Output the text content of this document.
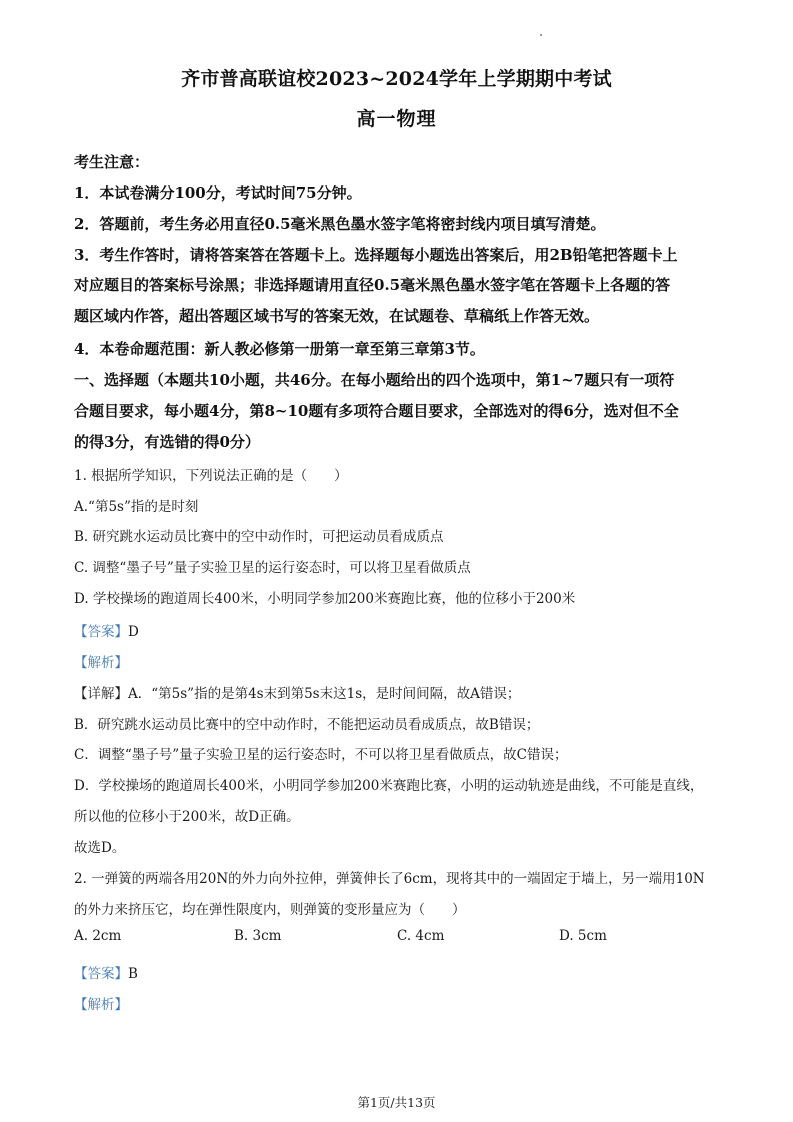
齐市普高联谊校2023~2024学年上学期期中考试
高一物理
考生注意：
1．本试卷满分100分，考试时间75分钟。
2．答题前，考生务必用直径0.5毫米黑色墨水签字笔将密封线内项目填写清楚。
3．考生作答时，请将答案答在答题卡上。选择题每小题选出答案后，用2B铅笔把答题卡上
对应题目的答案标号涂黑；非选择题请用直径0.5毫米黑色墨水签字笔在答题卡上各题的答
题区域内作答，超出答题区域书写的答案无效，在试题卷、草稿纸上作答无效。
4．本卷命题范围：新人教必修第一册第一章至第三章第3节。
一、选择题（本题共10小题，共46分。在每小题给出的四个选项中，第1~7题只有一项符
合题目要求，每小题4分，第8~10题有多项符合题目要求，全部选对的得6分，选对但不全
的得3分，有选错的得0分）
1. 根据所学知识，下列说法正确的是（　　）
A.“第5s”指的是时刻
B. 研究跳水运动员比赛中的空中动作时，可把运动员看成质点
C. 调整“墨子号”量子实验卫星的运行姿态时，可以将卫星看做质点
D. 学校操场的跑道周长400米，小明同学参加200米赛跑比赛，他的位移小于200米
【答案】D
【解析】
【详解】A．“第5s”指的是第4s末到第5s末这1s，是时间间隔，故A错误；
B．研究跳水运动员比赛中的空中动作时，不能把运动员看成质点，故B错误；
C．调整“墨子号”量子实验卫星的运行姿态时，不可以将卫星看做质点，故C错误；
D．学校操场的跑道周长400米，小明同学参加200米赛跑比赛，小明的运动轨迹是曲线，不可能是直线，
所以他的位移小于200米，故D正确。
故选D。
2. 一弹簧的两端各用20N的外力向外拉伸，弹簧伸长了6cm，现将其中的一端固定于墙上，另一端用10N
的外力来挤压它，均在弹性限度内，则弹簧的变形量应为（　　）
A. 2cm	B. 3cm	C. 4cm	D. 5cm
【答案】B
【解析】
第1页/共13页
